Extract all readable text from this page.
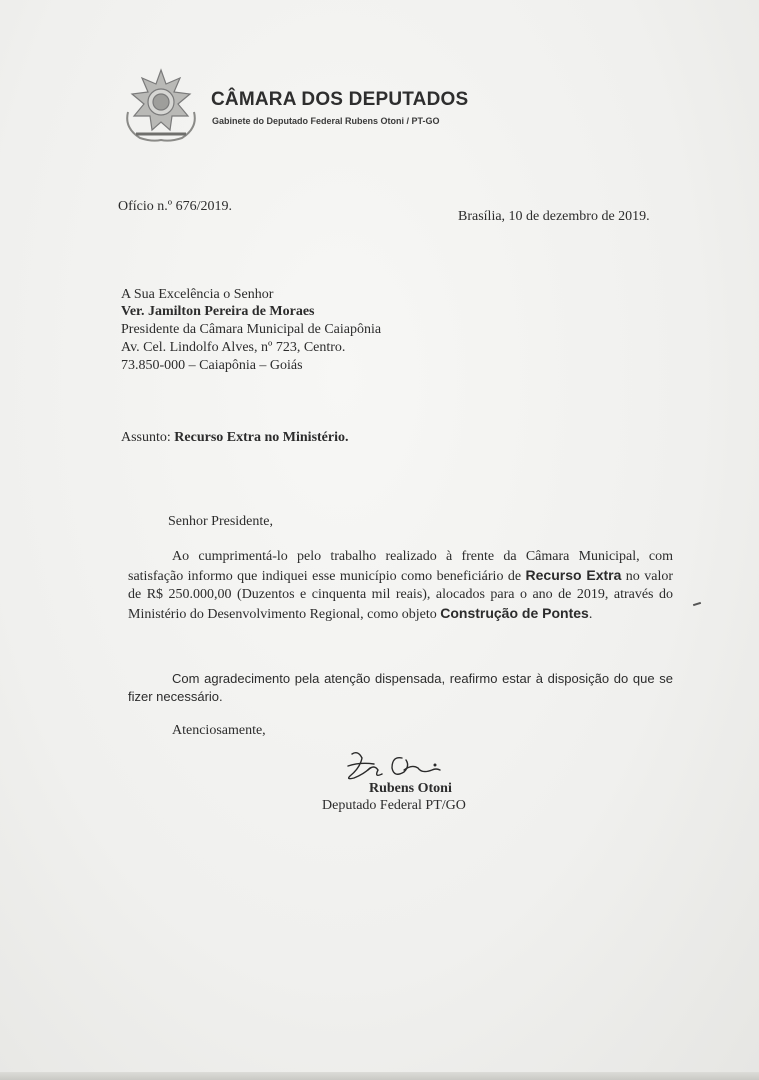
CÂMARA DOS DEPUTADOS
Gabinete do Deputado Federal Rubens Otoni / PT-GO
Ofício n.º 676/2019.
Brasília, 10 de dezembro de 2019.
A Sua Excelência o Senhor
Ver. Jamilton Pereira de Moraes
Presidente da Câmara Municipal de Caiapônia
Av. Cel. Lindolfo Alves, nº 723, Centro.
73.850-000 – Caiapônia – Goiás
Assunto: Recurso Extra no Ministério.
Senhor Presidente,
Ao cumprimentá-lo pelo trabalho realizado à frente da Câmara Municipal, com satisfação informo que indiquei esse município como beneficiário de Recurso Extra no valor de R$ 250.000,00 (Duzentos e cinquenta mil reais), alocados para o ano de 2019, através do Ministério do Desenvolvimento Regional, como objeto Construção de Pontes.
Com agradecimento pela atenção dispensada, reafirmo estar à disposição do que se fizer necessário.
Atenciosamente,
Rubens Otoni
Deputado Federal PT/GO
